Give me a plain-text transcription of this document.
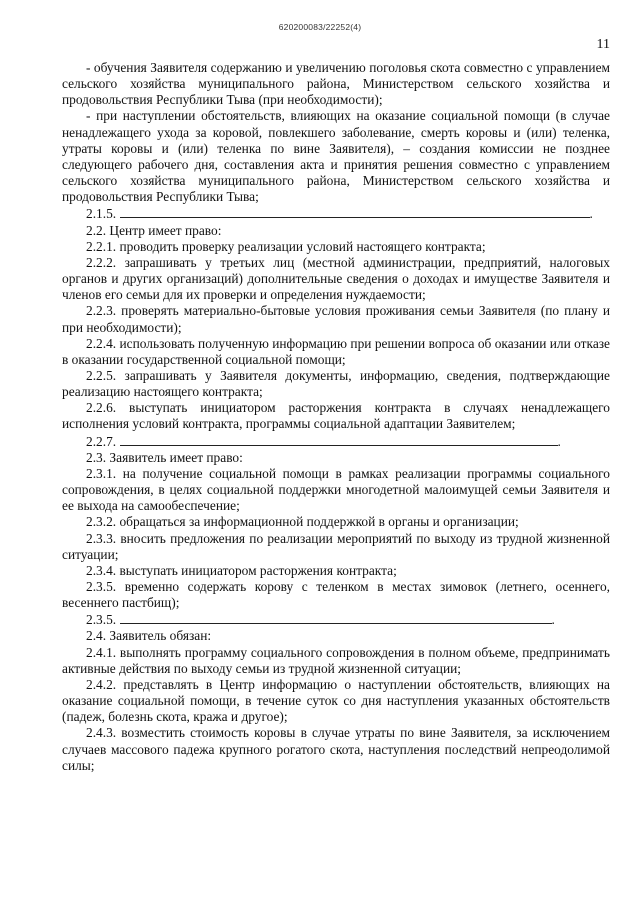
620200083/22252(4)
11

- обучения Заявителя содержанию и увеличению поголовья скота совместно с управлением сельского хозяйства муниципального района, Министерством сельского хозяйства и продовольствия Республики Тыва (при необходимости);

- при наступлении обстоятельств, влияющих на оказание социальной помощи (в случае ненадлежащего ухода за коровой, повлекшего заболевание, смерть коровы и (или) теленка, утраты коровы и (или) теленка по вине Заявителя), – создания комиссии не позднее следующего рабочего дня, составления акта и принятия решения совместно с управлением сельского хозяйства муниципального района, Министерством сельского хозяйства и продовольствия Республики Тыва;

2.1.5.	.

2.2. Центр имеет право:

2.2.1. проводить проверку реализации условий настоящего контракта;

2.2.2. запрашивать у третьих лиц (местной администрации, предприятий, налоговых органов и других организаций) дополнительные сведения о доходах и имуществе Заявителя и членов его семьи для их проверки и определения нуждаемости;

2.2.3. проверять материально-бытовые условия проживания семьи Заявителя (по плану и при необходимости);

2.2.4. использовать полученную информацию при решении вопроса об оказании или отказе в оказании государственной социальной помощи;

2.2.5. запрашивать у Заявителя документы, информацию, сведения, подтверждающие реализацию настоящего контракта;

2.2.6. выступать инициатором расторжения контракта в случаях ненадлежащего исполнения условий контракта, программы социальной адаптации Заявителем;

2.2.7.	.

2.3. Заявитель имеет право:

2.3.1. на получение социальной помощи в рамках реализации программы социального сопровождения, в целях социальной поддержки многодетной малоимущей семьи Заявителя и ее выхода на самообеспечение;

2.3.2. обращаться за информационной поддержкой в органы и организации;

2.3.3. вносить предложения по реализации мероприятий по выходу из трудной жизненной ситуации;

2.3.4. выступать инициатором расторжения контракта;

2.3.5. временно содержать корову с теленком в местах зимовок (летнего, осеннего, весеннего пастбищ);

2.3.5.	.

2.4. Заявитель обязан:

2.4.1. выполнять программу социального сопровождения в полном объеме, предпринимать активные действия по выходу семьи из трудной жизненной ситуации;

2.4.2. представлять в Центр информацию о наступлении обстоятельств, влияющих на оказание социальной помощи, в течение суток со дня наступления указанных обстоятельств (падеж, болезнь скота, кража и другое);

2.4.3. возместить стоимость коровы в случае утраты по вине Заявителя, за исключением случаев массового падежа крупного рогатого скота, наступления последствий непреодолимой силы;
